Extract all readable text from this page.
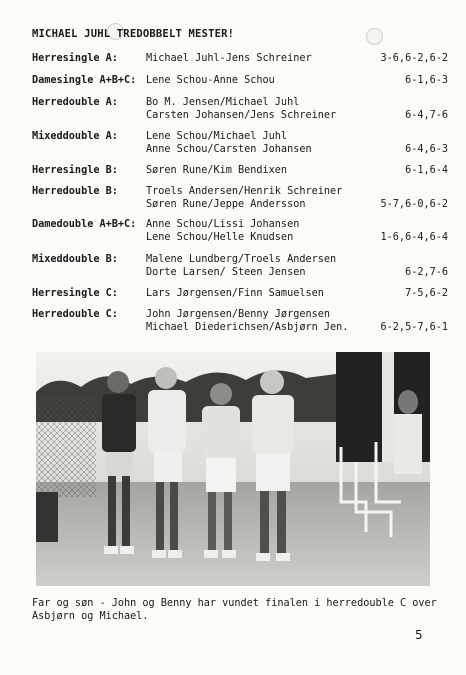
MICHAEL JUHL TREDOBBELT MESTER!
Herresingle A:	Michael Juhl-Jens Schreiner	3-6,6-2,6-2
Damesingle A+B+C: Lene Schou-Anne Schou	6-1,6-3
Herredouble A:	Bo M. Jensen/Michael Juhl
Carsten Johansen/Jens Schreiner	6-4,7-6
Mixeddouble A:	Lene Schou/Michael Juhl
Anne Schou/Carsten Johansen	6-4,6-3
Herresingle B:	Søren Rune/Kim Bendixen	6-1,6-4
Herredouble B:	Troels Andersen/Henrik Schreiner
Søren Rune/Jeppe Andersson	5-7,6-0,6-2
Damedouble A+B+C: Anne Schou/Lissi Johansen
Lene Schou/Helle Knudsen	1-6,6-4,6-4
Mixeddouble B:	Malene Lundberg/Troels Andersen
Dorte Larsen/ Steen Jensen	6-2,7-6
Herresingle C:	Lars Jørgensen/Finn Samuelsen	7-5,6-2
Herredouble C:	John Jørgensen/Benny Jørgensen
Michael Diederichsen/Asbjørn Jen.	6-2,5-7,6-1
Far og søn - John og Benny har vundet finalen i herredouble C over Asbjørn og Michael.
5
